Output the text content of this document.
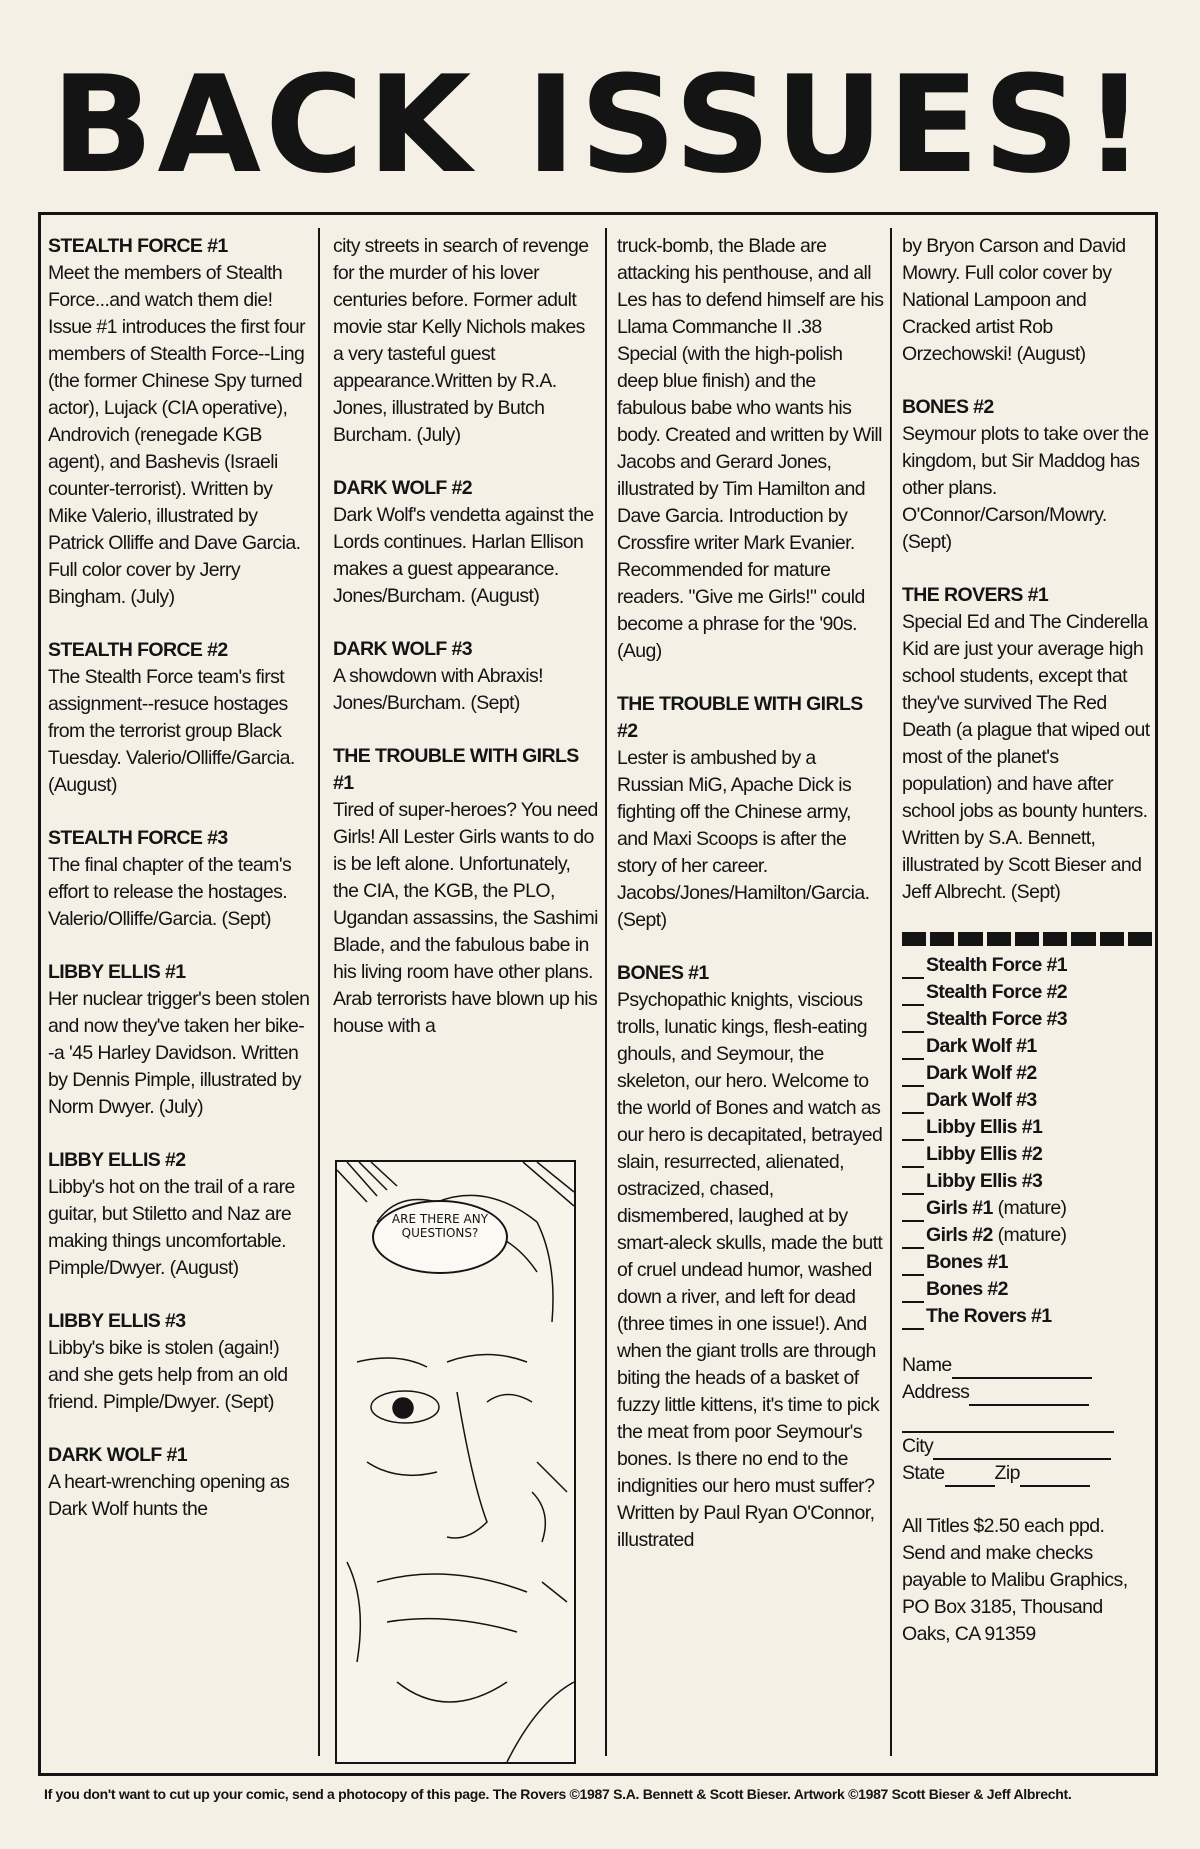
BACK ISSUES!
STEALTH FORCE #1
Meet the members of Stealth Force...and watch them die! Issue #1 introduces the first four members of Stealth Force--Ling (the former Chinese Spy turned actor), Lujack (CIA operative), Androvich (renegade KGB agent), and Bashevis (Israeli counter-terrorist). Written by Mike Valerio, illustrated by Patrick Olliffe and Dave Garcia. Full color cover by Jerry Bingham. (July)
STEALTH FORCE #2
The Stealth Force team's first assignment--resuce hostages from the terrorist group Black Tuesday. Valerio/Olliffe/Garcia. (August)
STEALTH FORCE #3
The final chapter of the team's effort to release the hostages. Valerio/Olliffe/Garcia. (Sept)
LIBBY ELLIS #1
Her nuclear trigger's been stolen and now they've taken her bike--a '45 Harley Davidson. Written by Dennis Pimple, illustrated by Norm Dwyer. (July)
LIBBY ELLIS #2
Libby's hot on the trail of a rare guitar, but Stiletto and Naz are making things uncomfortable. Pimple/Dwyer. (August)
LIBBY ELLIS #3
Libby's bike is stolen (again!) and she gets help from an old friend. Pimple/Dwyer. (Sept)
DARK WOLF #1
A heart-wrenching opening as Dark Wolf hunts the

city streets in search of revenge for the murder of his lover centuries before. Former adult movie star Kelly Nichols makes a very tasteful guest appearance.Written by R.A. Jones, illustrated by Butch Burcham. (July)

DARK WOLF #2
Dark Wolf's vendetta against the Lords continues. Harlan Ellison makes a guest appearance. Jones/Burcham. (August)
DARK WOLF #3
A showdown with Abraxis! Jones/Burcham. (Sept)
THE TROUBLE WITH GIRLS #1
Tired of super-heroes? You need Girls! All Lester Girls wants to do is be left alone. Unfortunately, the CIA, the KGB, the PLO, Ugandan assassins, the Sashimi Blade, and the fabulous babe in his living room have other plans. Arab terrorists have blown up his house with a
ARE THERE ANY QUESTIONS?

truck-bomb, the Blade are attacking his penthouse, and all Les has to defend himself are his Llama Commanche II .38 Special (with the high-polish deep blue finish) and the fabulous babe who wants his body. Created and written by Will Jacobs and Gerard Jones, illustrated by Tim Hamilton and Dave Garcia. Introduction by Crossfire writer Mark Evanier. Recommended for mature readers. "Give me Girls!" could become a phrase for the '90s. (Aug)

THE TROUBLE WITH GIRLS #2
Lester is ambushed by a Russian MiG, Apache Dick is fighting off the Chinese army, and Maxi Scoops is after the story of her career. Jacobs/Jones/Hamilton/Garcia. (Sept)
BONES #1
Psychopathic knights, viscious trolls, lunatic kings, flesh-eating ghouls, and Seymour, the skeleton, our hero. Welcome to the world of Bones and watch as our hero is decapitated, betrayed slain, resurrected, alienated, ostracized, chased, dismembered, laughed at by smart-aleck skulls, made the butt of cruel undead humor, washed down a river, and left for dead (three times in one issue!). And when the giant trolls are through biting the heads of a basket of fuzzy little kittens, it's time to pick the meat from poor Seymour's bones. Is there no end to the indignities our hero must suffer? Written by Paul Ryan O'Connor, illustrated

by Bryon Carson and David Mowry. Full color cover by National Lampoon and Cracked artist Rob Orzechowski! (August)

BONES #2
Seymour plots to take over the kingdom, but Sir Maddog has other plans. O'Connor/Carson/Mowry. (Sept)
THE ROVERS #1
Special Ed and The Cinderella Kid are just your average high school students, except that they've survived The Red Death (a plague that wiped out most of the planet's population) and have after school jobs as bounty hunters. Written by S.A. Bennett, illustrated by Scott Bieser and Jeff Albrecht. (Sept)
Stealth Force #1
Stealth Force #2
Stealth Force #3
Dark Wolf #1
Dark Wolf #2
Dark Wolf #3
Libby Ellis #1
Libby Ellis #2
Libby Ellis #3
Girls #1 (mature)
Girls #2 (mature)
Bones #1
Bones #2
The Rovers #1
Name
Address
City
State	Zip
All Titles $2.50 each ppd. Send and make checks payable to Malibu Graphics, PO Box 3185, Thousand Oaks, CA 91359
If you don't want to cut up your comic, send a photocopy of this page. The Rovers ©1987 S.A. Bennett & Scott Bieser. Artwork ©1987 Scott Bieser & Jeff Albrecht.
